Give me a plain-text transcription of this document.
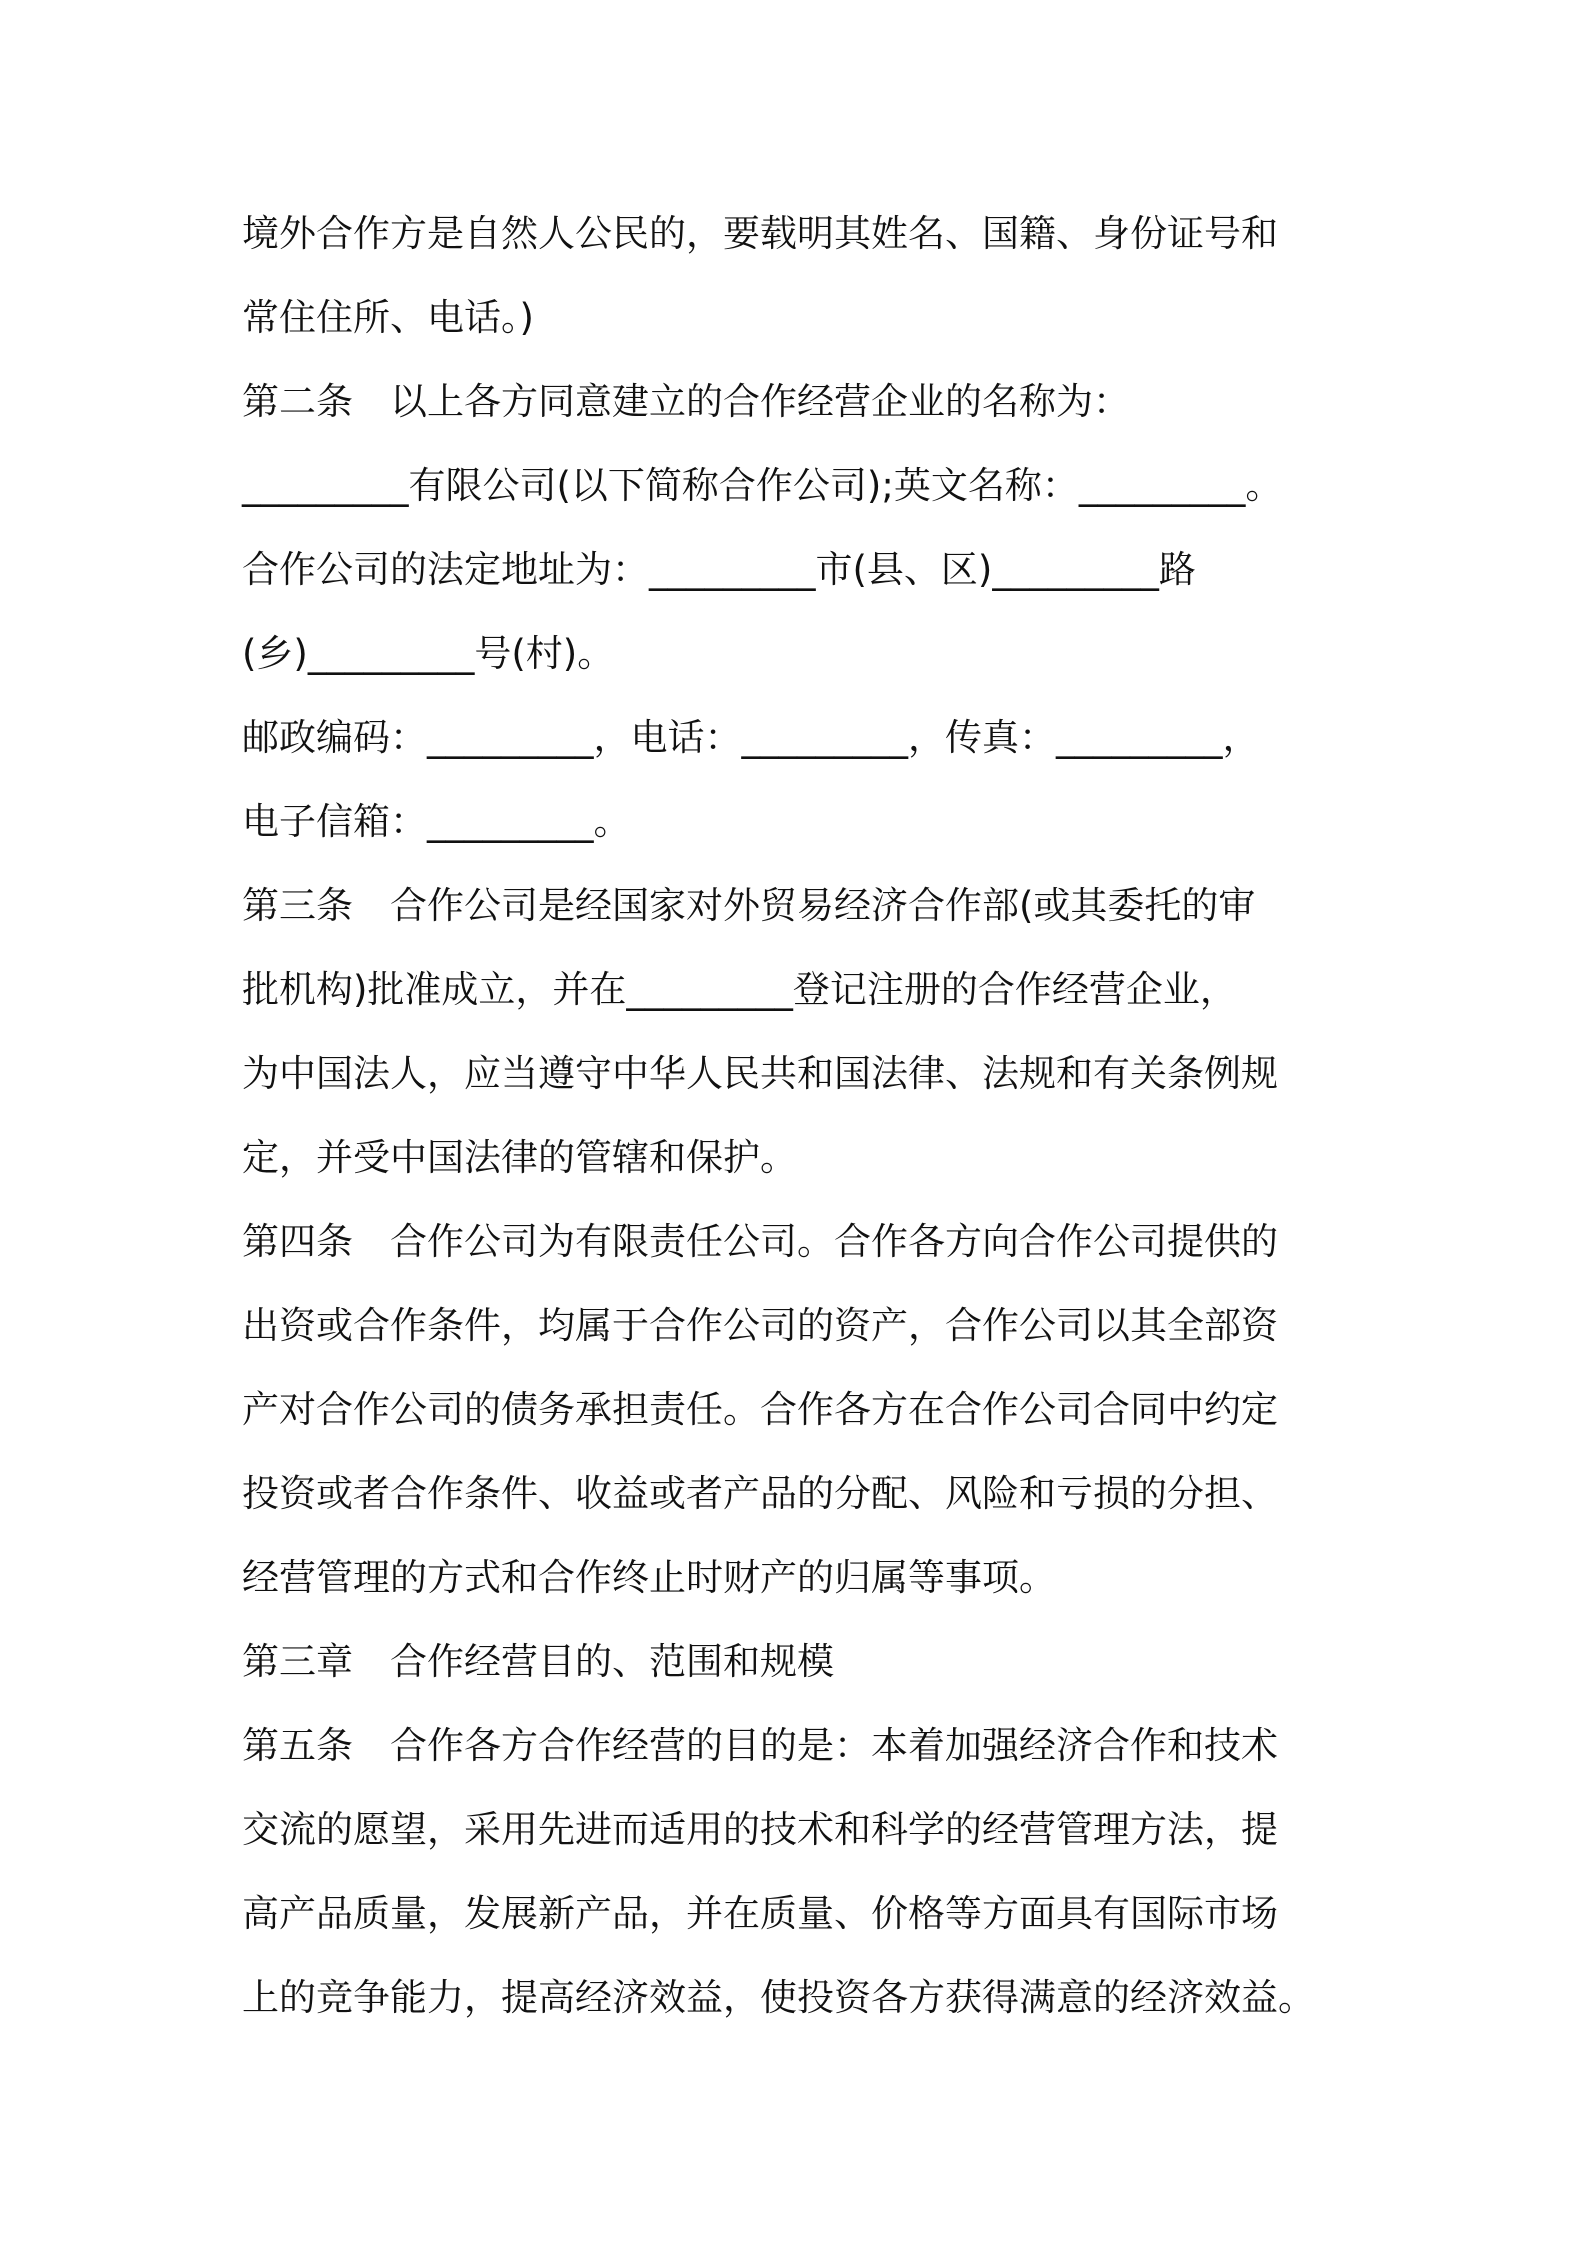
境外合作方是自然人公民的，要载明其姓名、国籍、身份证号和
常住住所、电话。)
第二条　以上各方同意建立的合作经营企业的名称为：
_________有限公司(以下简称合作公司);英文名称：_________。
合作公司的法定地址为：_________市(县、区)_________路
(乡)_________号(村)。
邮政编码：_________，电话：_________，传真：_________，
电子信箱：_________。
第三条　合作公司是经国家对外贸易经济合作部(或其委托的审
批机构)批准成立，并在_________登记注册的合作经营企业，
为中国法人，应当遵守中华人民共和国法律、法规和有关条例规
定，并受中国法律的管辖和保护。
第四条　合作公司为有限责任公司。合作各方向合作公司提供的
出资或合作条件，均属于合作公司的资产，合作公司以其全部资
产对合作公司的债务承担责任。合作各方在合作公司合同中约定
投资或者合作条件、收益或者产品的分配、风险和亏损的分担、
经营管理的方式和合作终止时财产的归属等事项。
第三章　合作经营目的、范围和规模
第五条　合作各方合作经营的目的是：本着加强经济合作和技术
交流的愿望，采用先进而适用的技术和科学的经营管理方法，提
高产品质量，发展新产品，并在质量、价格等方面具有国际市场
上的竞争能力，提高经济效益，使投资各方获得满意的经济效益。
